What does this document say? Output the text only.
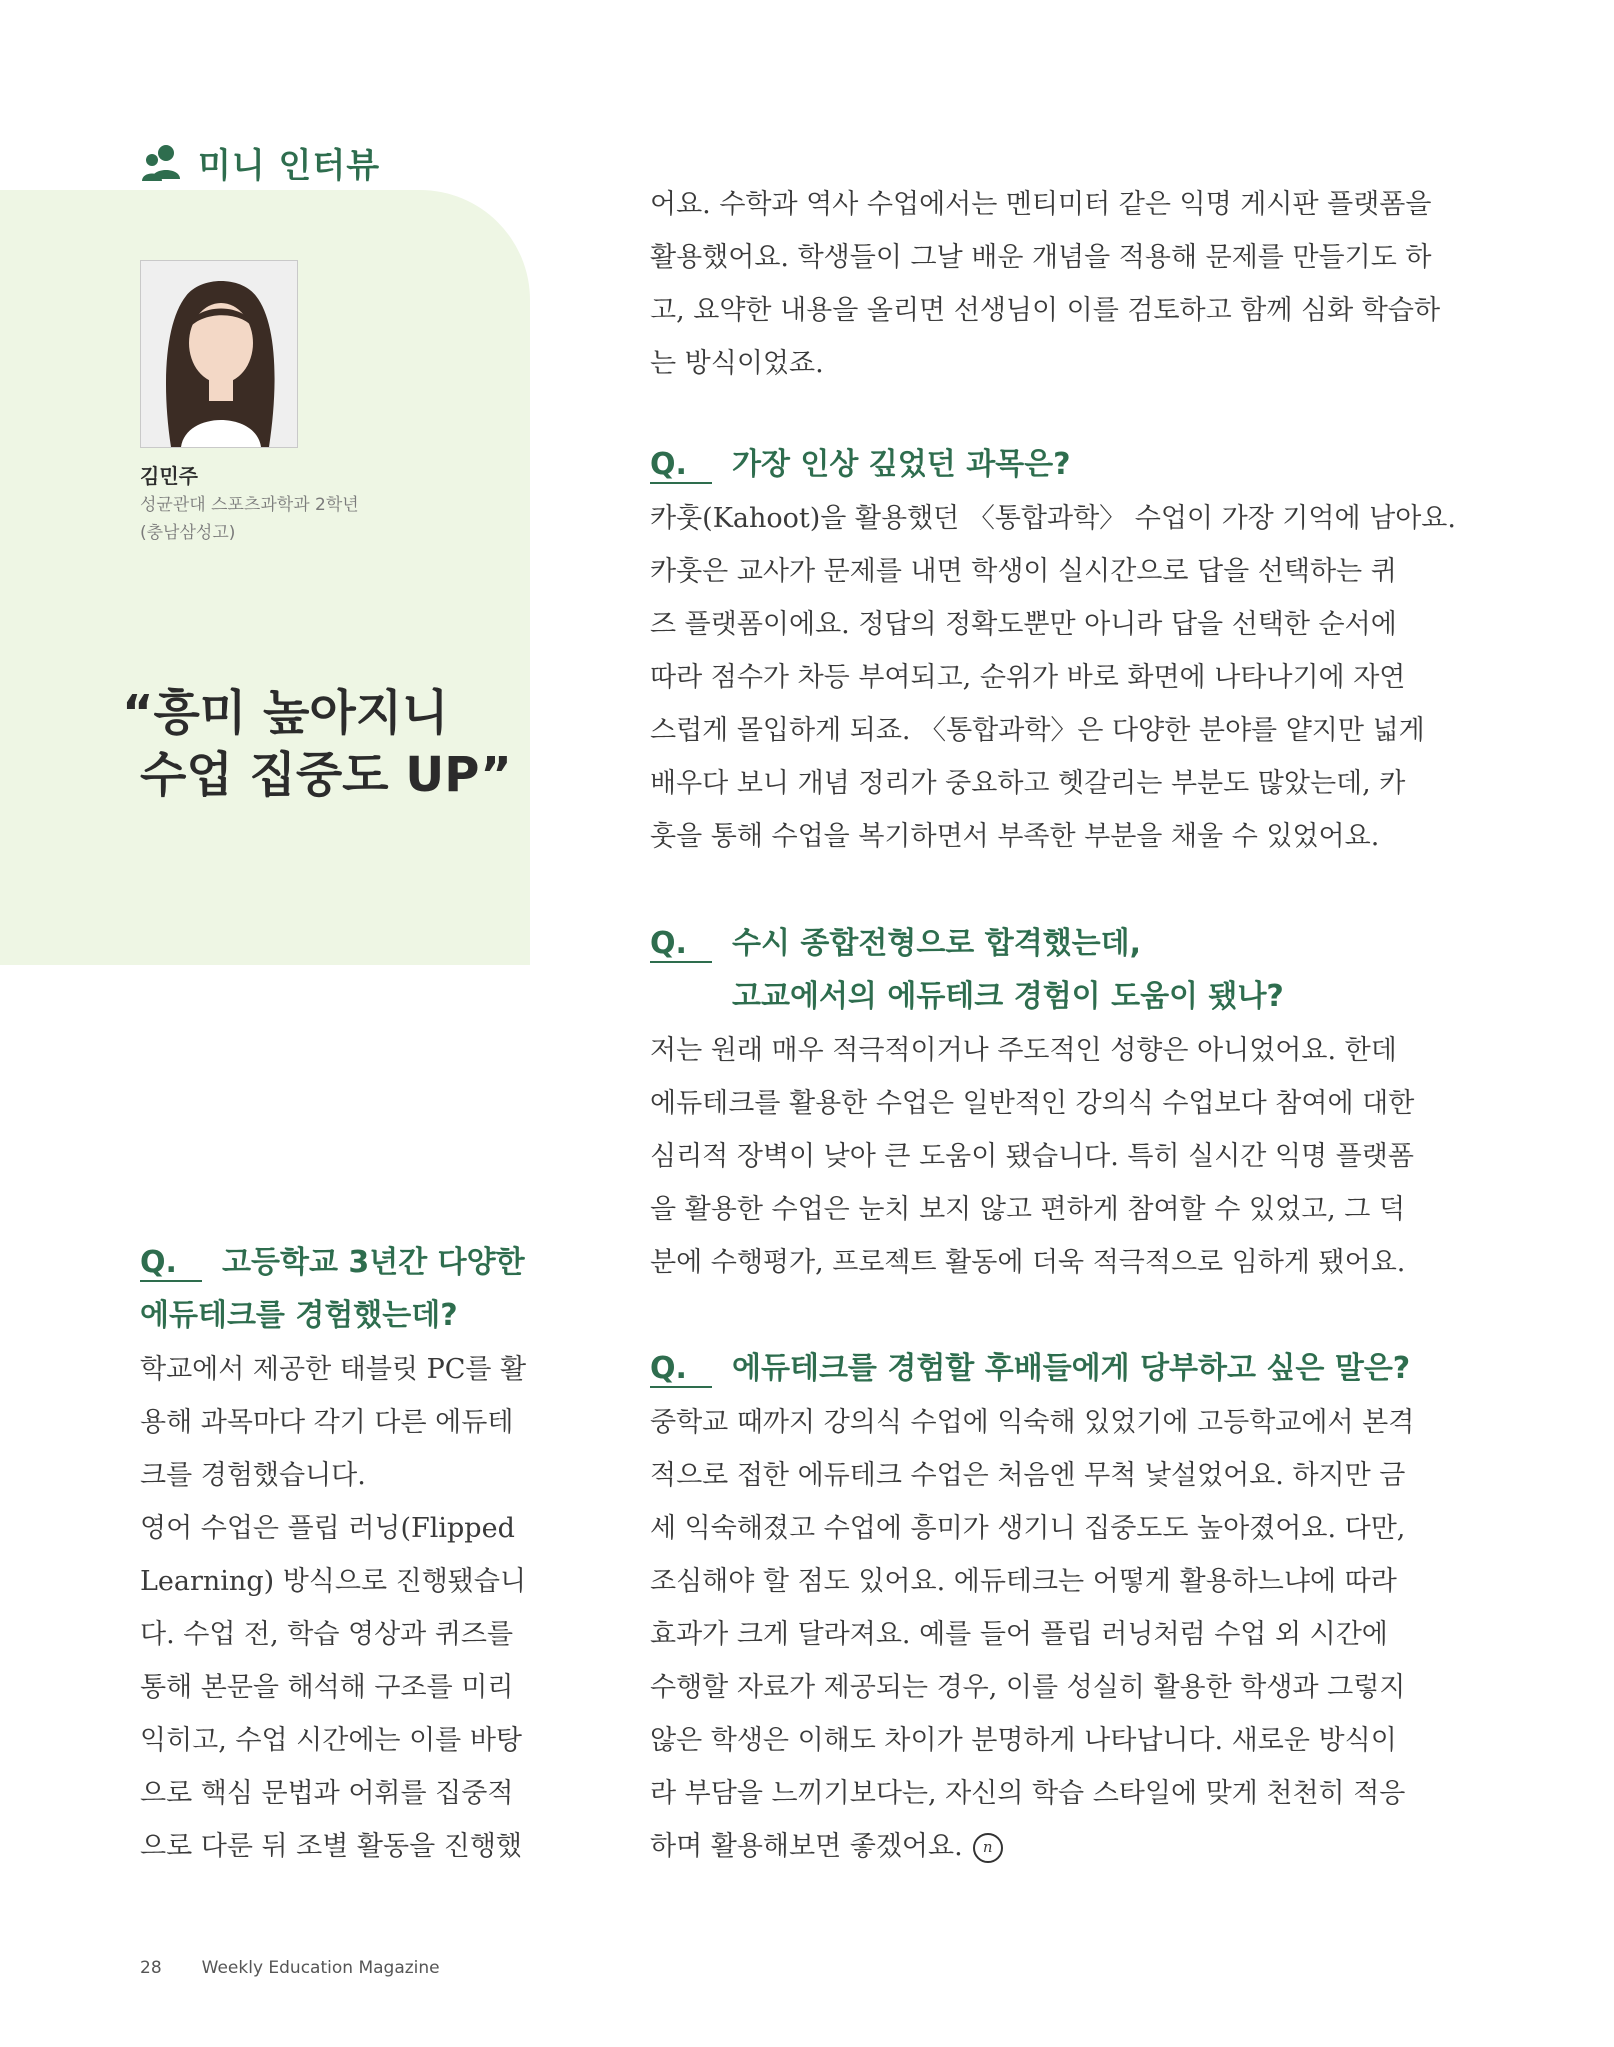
미니 인터뷰
김민주
성균관대 스포츠과학과 2학년
(충남삼성고)
“흥미 높아지니
수업 집중도 UP”
Q.	고등학교 3년간 다양한
에듀테크를 경험했는데?
학교에서 제공한 태블릿 PC를 활
용해 과목마다 각기 다른 에듀테
크를 경험했습니다.
영어 수업은 플립 러닝(Flipped
Learning) 방식으로 진행됐습니
다. 수업 전, 학습 영상과 퀴즈를
통해 본문을 해석해 구조를 미리
익히고, 수업 시간에는 이를 바탕
으로 핵심 문법과 어휘를 집중적
으로 다룬 뒤 조별 활동을 진행했
어요. 수학과 역사 수업에서는 멘티미터 같은 익명 게시판 플랫폼을
활용했어요. 학생들이 그날 배운 개념을 적용해 문제를 만들기도 하
고, 요약한 내용을 올리면 선생님이 이를 검토하고 함께 심화 학습하
는 방식이었죠.
Q.	가장 인상 깊었던 과목은?
카훗(Kahoot)을 활용했던 〈통합과학〉 수업이 가장 기억에 남아요.
카훗은 교사가 문제를 내면 학생이 실시간으로 답을 선택하는 퀴
즈 플랫폼이에요. 정답의 정확도뿐만 아니라 답을 선택한 순서에
따라 점수가 차등 부여되고, 순위가 바로 화면에 나타나기에 자연
스럽게 몰입하게 되죠. 〈통합과학〉은 다양한 분야를 얕지만 넓게
배우다 보니 개념 정리가 중요하고 헷갈리는 부분도 많았는데, 카
훗을 통해 수업을 복기하면서 부족한 부분을 채울 수 있었어요.
Q.	수시 종합전형으로 합격했는데,
고교에서의 에듀테크 경험이 도움이 됐나?
저는 원래 매우 적극적이거나 주도적인 성향은 아니었어요. 한데
에듀테크를 활용한 수업은 일반적인 강의식 수업보다 참여에 대한
심리적 장벽이 낮아 큰 도움이 됐습니다. 특히 실시간 익명 플랫폼
을 활용한 수업은 눈치 보지 않고 편하게 참여할 수 있었고, 그 덕
분에 수행평가, 프로젝트 활동에 더욱 적극적으로 임하게 됐어요.
Q.	에듀테크를 경험할 후배들에게 당부하고 싶은 말은?
중학교 때까지 강의식 수업에 익숙해 있었기에 고등학교에서 본격
적으로 접한 에듀테크 수업은 처음엔 무척 낯설었어요. 하지만 금
세 익숙해졌고 수업에 흥미가 생기니 집중도도 높아졌어요. 다만,
조심해야 할 점도 있어요. 에듀테크는 어떻게 활용하느냐에 따라
효과가 크게 달라져요. 예를 들어 플립 러닝처럼 수업 외 시간에
수행할 자료가 제공되는 경우, 이를 성실히 활용한 학생과 그렇지
않은 학생은 이해도 차이가 분명하게 나타납니다. 새로운 방식이
라 부담을 느끼기보다는, 자신의 학습 스타일에 맞게 천천히 적응
하며 활용해보면 좋겠어요. n
28 Weekly Education Magazine
